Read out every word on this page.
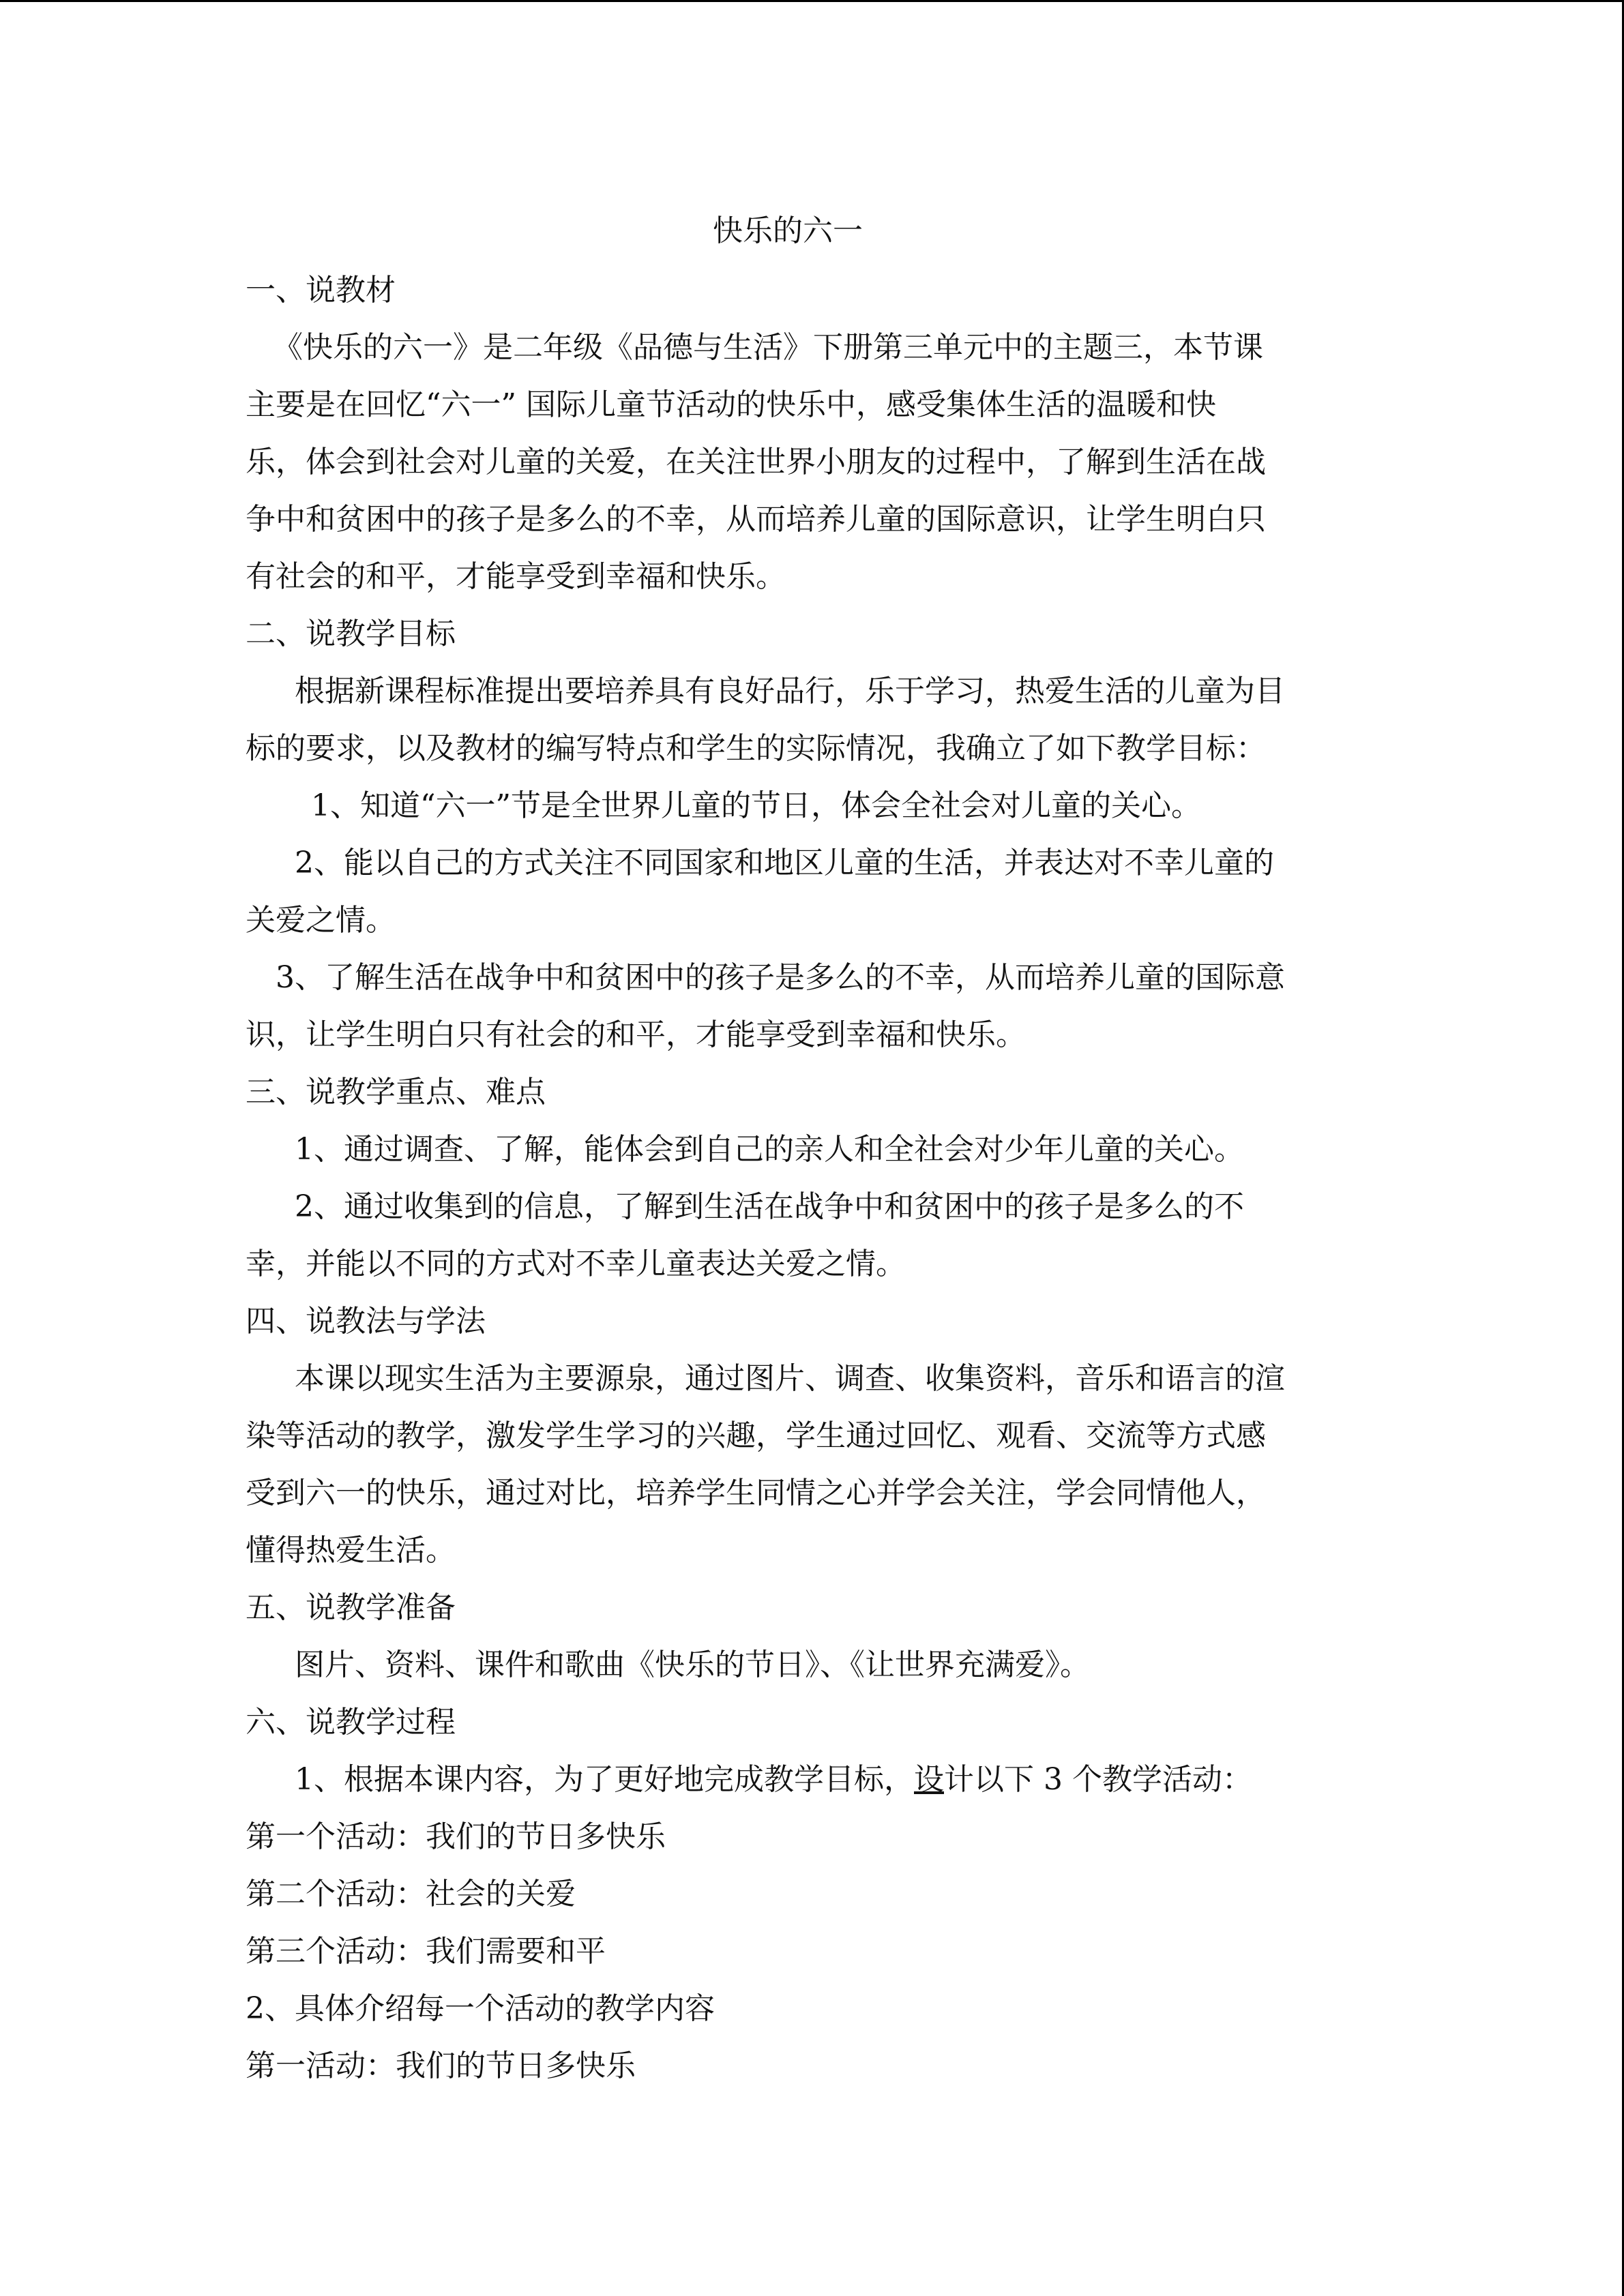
快乐的六一
一、说教材
《快乐的六一》是二年级《品德与生活》下册第三单元中的主题三，本节课
主要是在回忆“六一” 国际儿童节活动的快乐中，感受集体生活的温暖和快
乐，体会到社会对儿童的关爱，在关注世界小朋友的过程中，了解到生活在战
争中和贫困中的孩子是多么的不幸，从而培养儿童的国际意识，让学生明白只
有社会的和平，才能享受到幸福和快乐。
二、说教学目标
根据新课程标准提出要培养具有良好品行，乐于学习，热爱生活的儿童为目
标的要求，以及教材的编写特点和学生的实际情况，我确立了如下教学目标：
1、知道“六一”节是全世界儿童的节日，体会全社会对儿童的关心。
2、能以自己的方式关注不同国家和地区儿童的生活，并表达对不幸儿童的
关爱之情。
3、了解生活在战争中和贫困中的孩子是多么的不幸，从而培养儿童的国际意
识，让学生明白只有社会的和平，才能享受到幸福和快乐。
三、说教学重点、难点
1、通过调查、了解，能体会到自己的亲人和全社会对少年儿童的关心。
2、通过收集到的信息，了解到生活在战争中和贫困中的孩子是多么的不
幸，并能以不同的方式对不幸儿童表达关爱之情。
四、说教法与学法
本课以现实生活为主要源泉，通过图片、调查、收集资料，音乐和语言的渲
染等活动的教学，激发学生学习的兴趣，学生通过回忆、观看、交流等方式感
受到六一的快乐，通过对比，培养学生同情之心并学会关注，学会同情他人，
懂得热爱生活。
五、说教学准备
图片、资料、课件和歌曲《快乐的节日》、《让世界充满爱》。
六、说教学过程
1、根据本课内容，为了更好地完成教学目标，设计以下 3 个教学活动：
第一个活动：我们的节日多快乐
第二个活动：社会的关爱
第三个活动：我们需要和平
2、具体介绍每一个活动的教学内容
第一活动：我们的节日多快乐
